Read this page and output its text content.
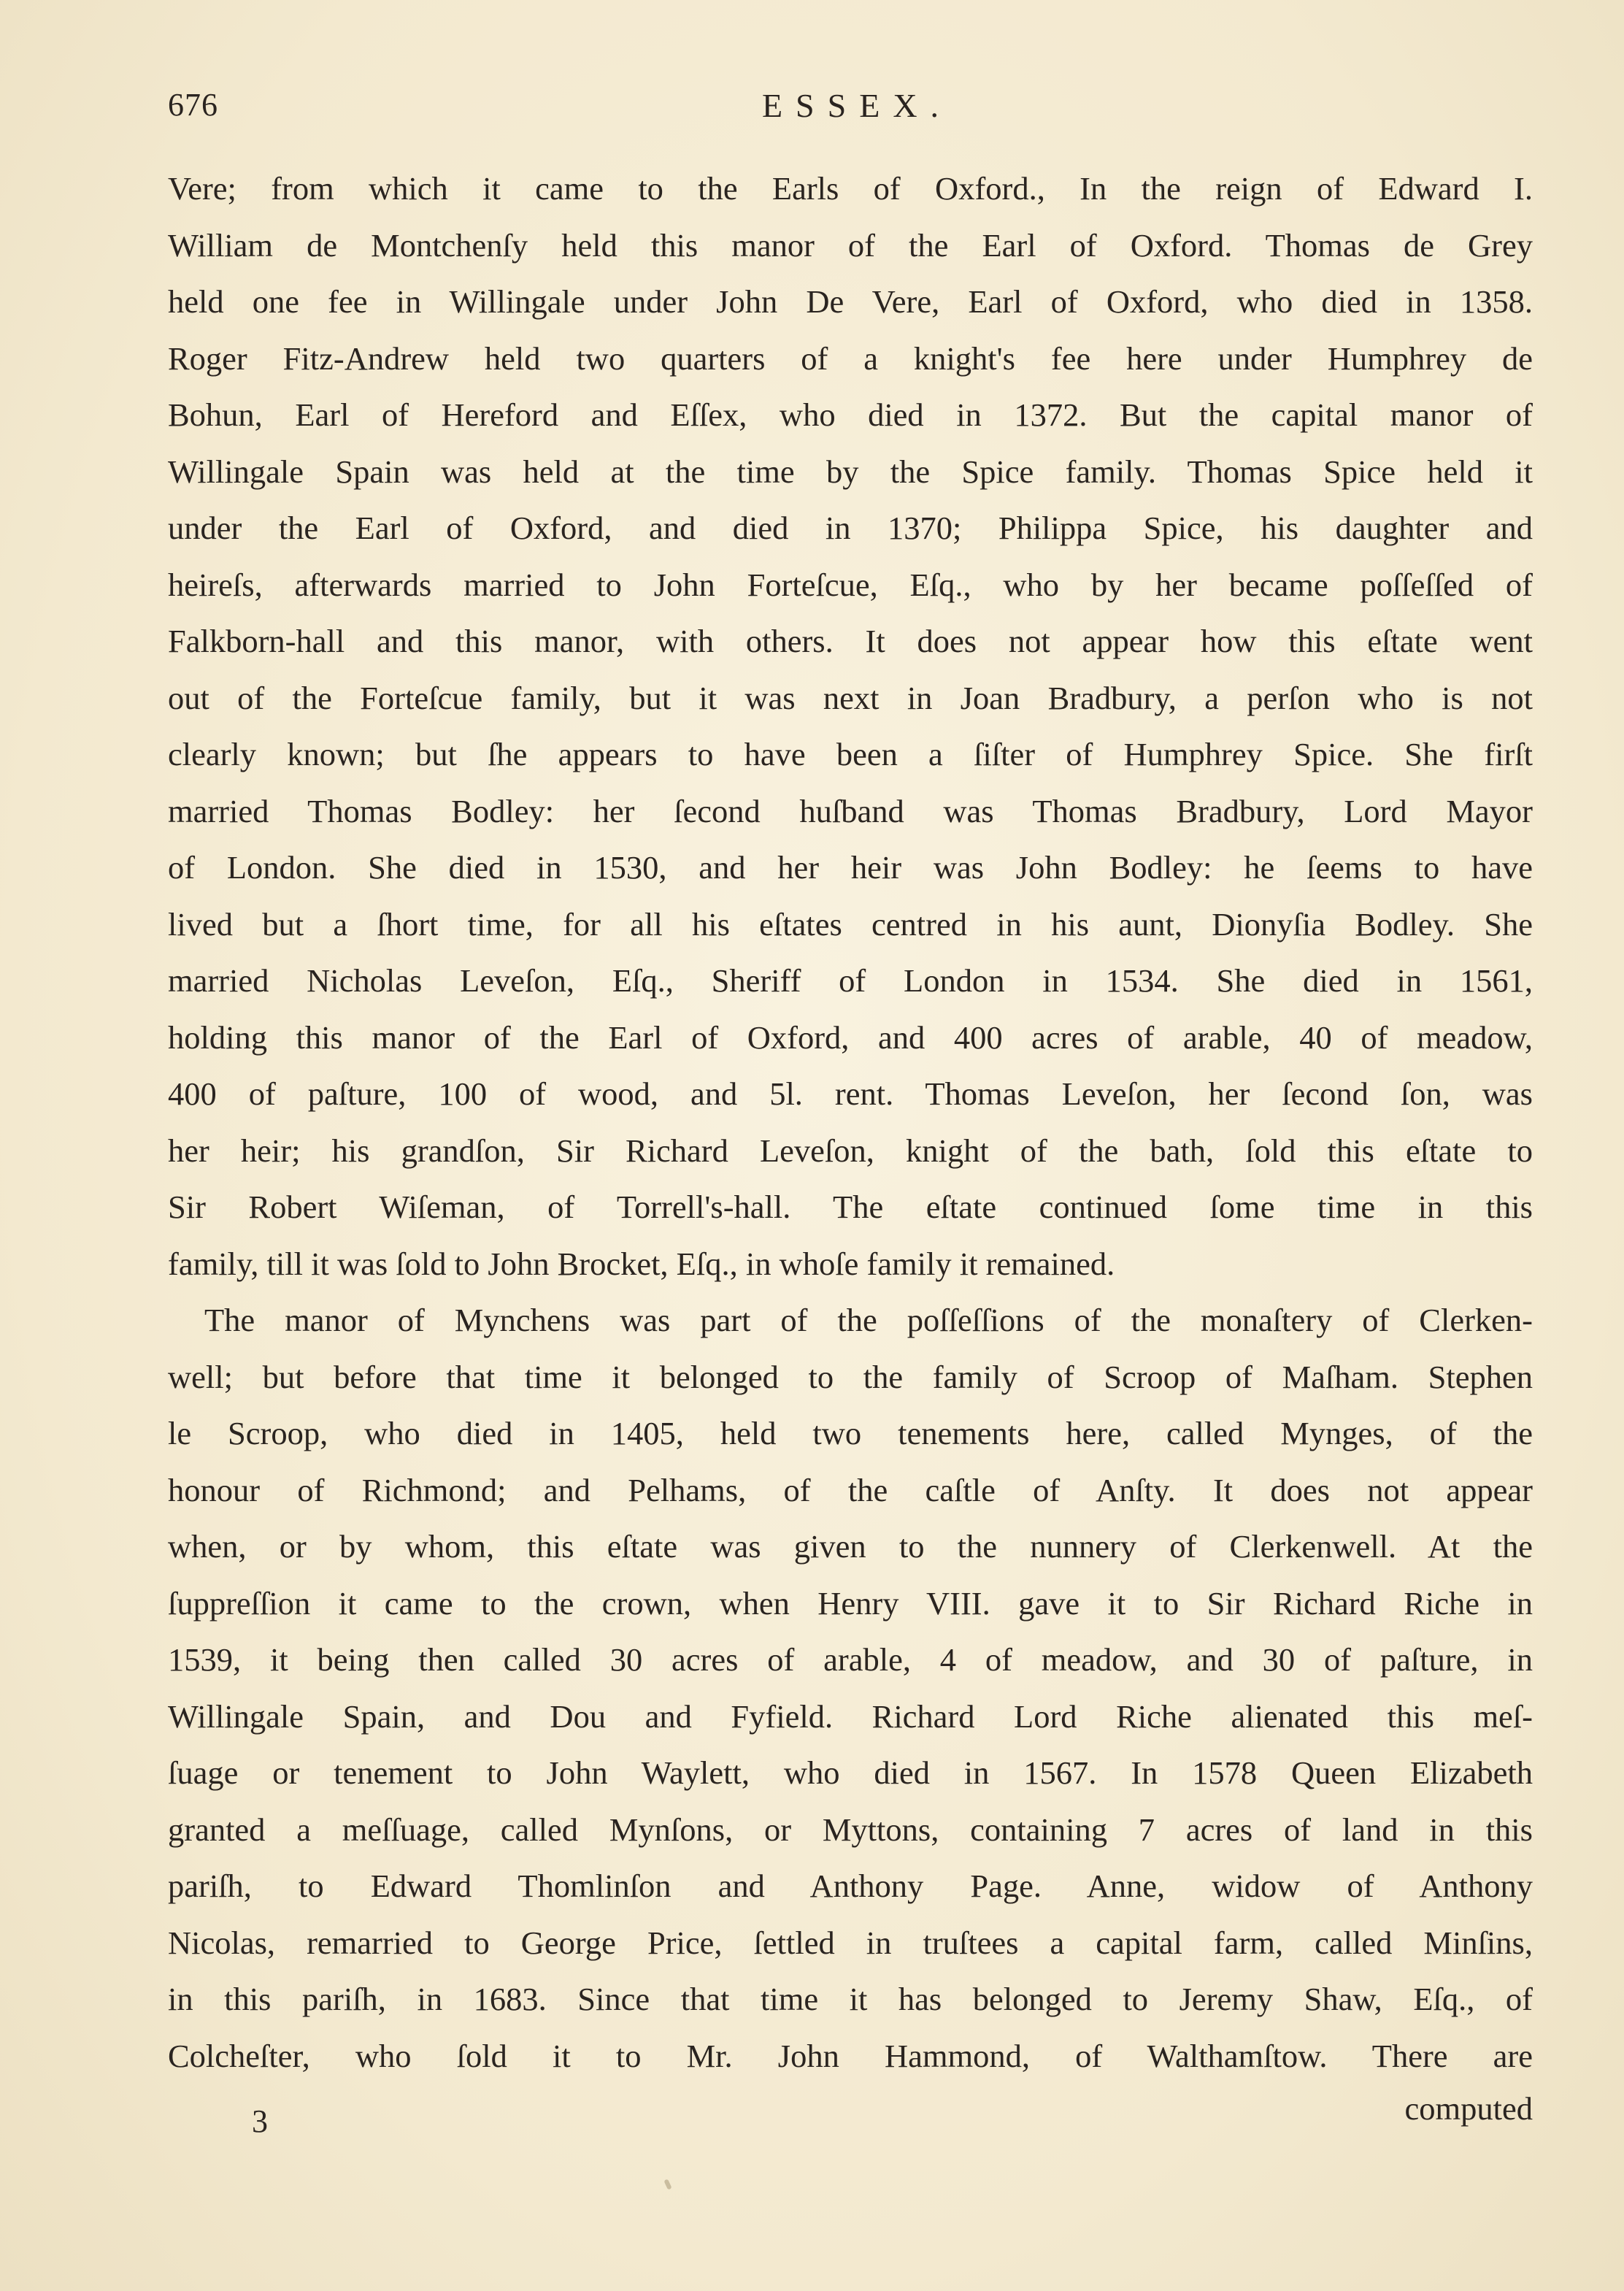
676	ESSEX.
Vere; from which it came to the Earls of Oxford., In the reign of Edward I.
William de Montchenſy held this manor of the Earl of Oxford. Thomas de Grey
held one fee in Willingale under John De Vere, Earl of Oxford, who died in 1358.
Roger Fitz-Andrew held two quarters of a knight's fee here under Humphrey de
Bohun, Earl of Hereford and Eſſex, who died in 1372. But the capital manor of
Willingale Spain was held at the time by the Spice family. Thomas Spice held it
under the Earl of Oxford, and died in 1370; Philippa Spice, his daughter and
heireſs, afterwards married to John Forteſcue, Eſq., who by her became poſſeſſed of
Falkborn-hall and this manor, with others. It does not appear how this eſtate went
out of the Forteſcue family, but it was next in Joan Bradbury, a perſon who is not
clearly known; but ſhe appears to have been a ſiſter of Humphrey Spice. She firſt
married Thomas Bodley: her ſecond huſband was Thomas Bradbury, Lord Mayor
of London. She died in 1530, and her heir was John Bodley: he ſeems to have
lived but a ſhort time, for all his eſtates centred in his aunt, Dionyſia Bodley. She
married Nicholas Leveſon, Eſq., Sheriff of London in 1534. She died in 1561,
holding this manor of the Earl of Oxford, and 400 acres of arable, 40 of meadow,
400 of paſture, 100 of wood, and 5l. rent. Thomas Leveſon, her ſecond ſon, was
her heir; his grandſon, Sir Richard Leveſon, knight of the bath, ſold this eſtate to
Sir Robert Wiſeman, of Torrell's-hall. The eſtate continued ſome time in this
family, till it was ſold to John Brocket, Eſq., in whoſe family it remained.
The manor of Mynchens was part of the poſſeſſions of the monaſtery of Clerken-
well; but before that time it belonged to the family of Scroop of Maſham. Stephen
le Scroop, who died in 1405, held two tenements here, called Mynges, of the
honour of Richmond; and Pelhams, of the caſtle of Anſty. It does not appear
when, or by whom, this eſtate was given to the nunnery of Clerkenwell. At the
ſuppreſſion it came to the crown, when Henry VIII. gave it to Sir Richard Riche in
1539, it being then called 30 acres of arable, 4 of meadow, and 30 of paſture, in
Willingale Spain, and Dou and Fyfield. Richard Lord Riche alienated this meſ-
ſuage or tenement to John Waylett, who died in 1567. In 1578 Queen Elizabeth
granted a meſſuage, called Mynſons, or Myttons, containing 7 acres of land in this
pariſh, to Edward Thomlinſon and Anthony Page. Anne, widow of Anthony
Nicolas, remarried to George Price, ſettled in truſtees a capital farm, called Minſins,
in this pariſh, in 1683. Since that time it has belonged to Jeremy Shaw, Eſq., of
Colcheſter, who ſold it to Mr. John Hammond, of Walthamſtow. There are
3	computed
